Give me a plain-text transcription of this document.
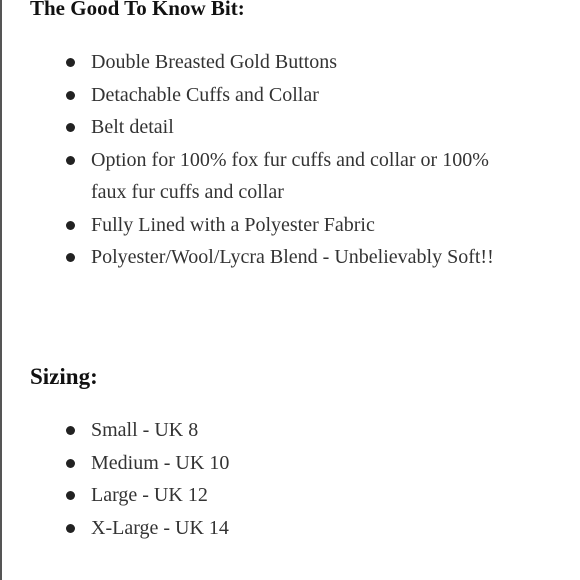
The Good To Know Bit:
Double Breasted Gold Buttons
Detachable Cuffs and Collar
Belt detail
Option for 100% fox fur cuffs and collar or 100% faux fur cuffs and collar
Fully Lined with a Polyester Fabric
Polyester/Wool/Lycra Blend - Unbelievably Soft!!
Sizing:
Small - UK 8
Medium - UK 10
Large - UK 12
X-Large - UK 14
